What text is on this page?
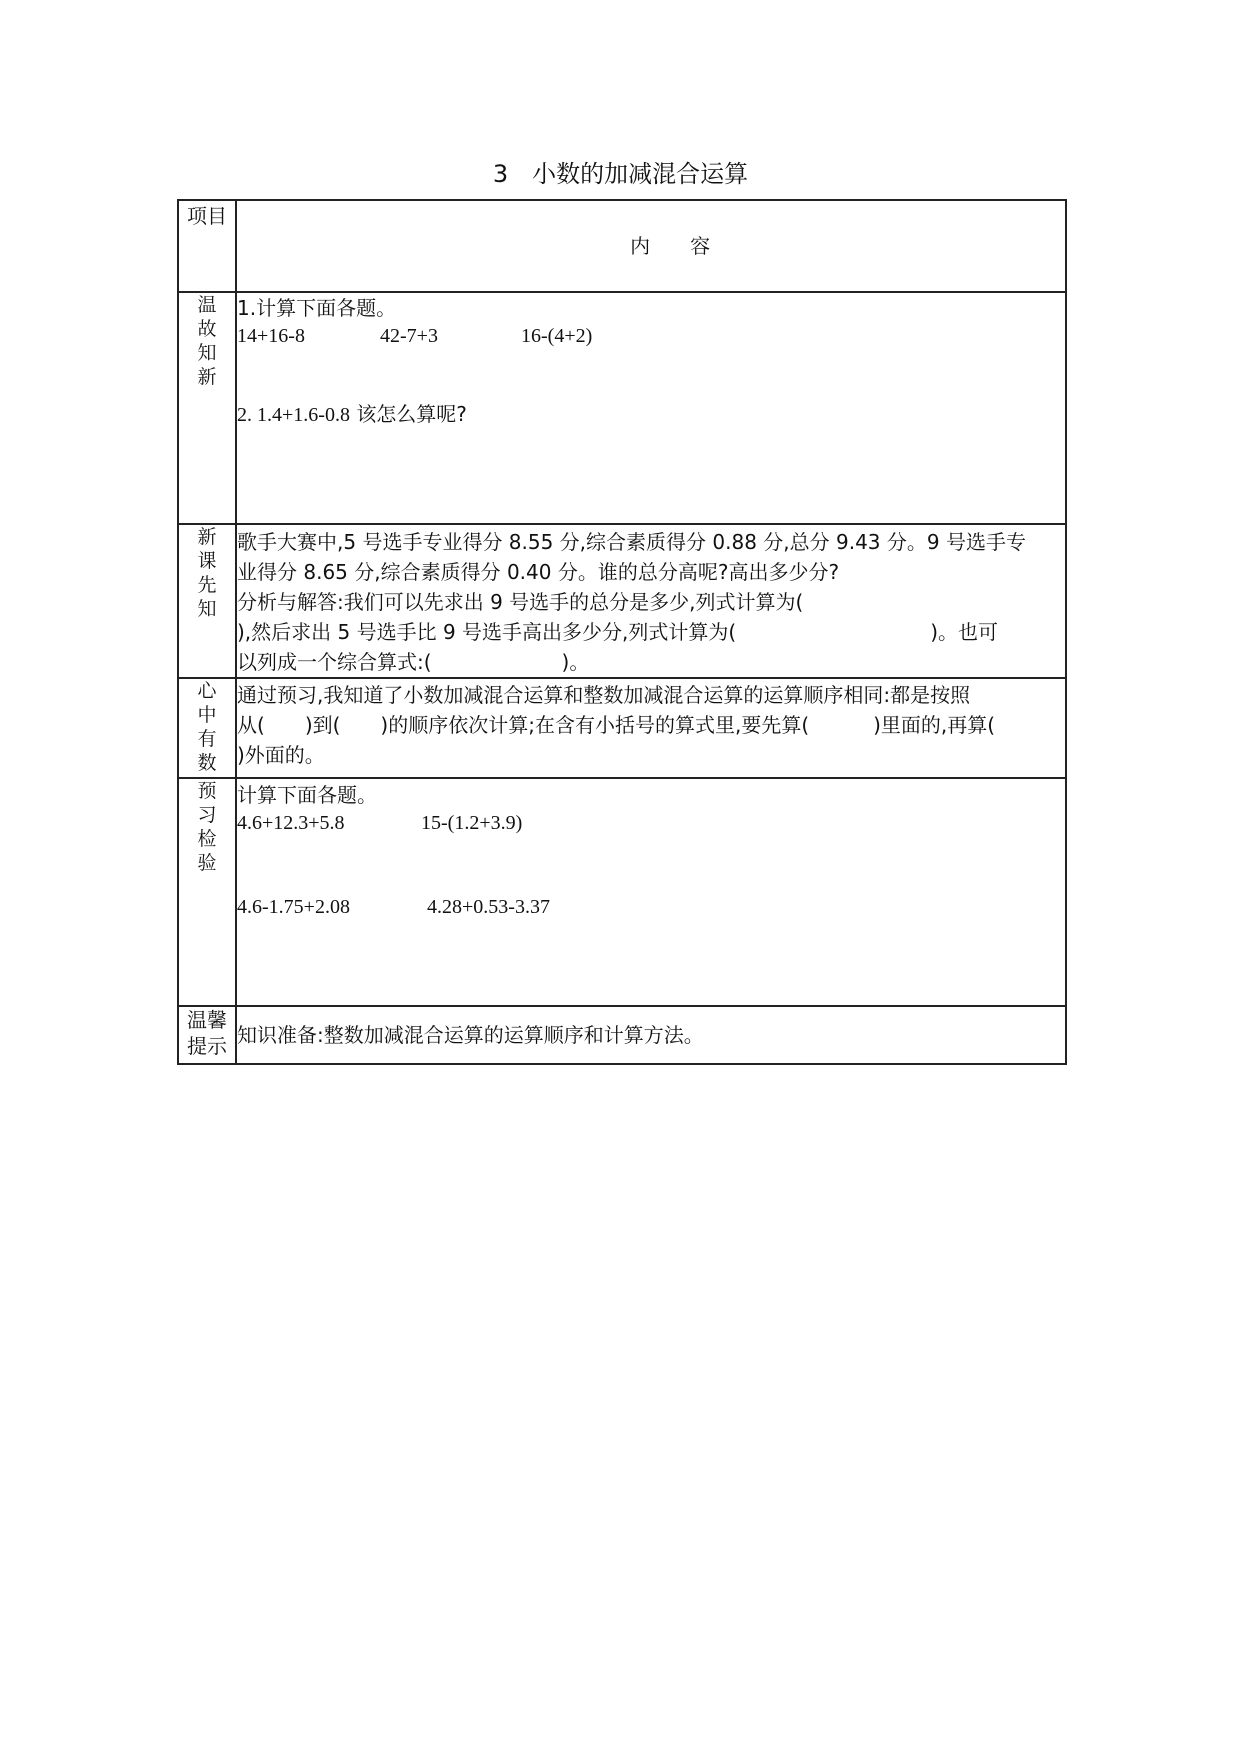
3　小数的加减混合运算
项目	内　　容

温故知新	1.计算下面各题。
14+16-8 42-7+3 16-(4+2)
2. 1.4+1.6-0.8 该怎么算呢?

新课先知	歌手大赛中,5 号选手专业得分 8.55 分,综合素质得分 0.88 分,总分 9.43 分。9 号选手专
业得分 8.65 分,综合素质得分 0.40 分。谁的总分高呢?高出多少分?
分析与解答:我们可以先求出 9 号选手的总分是多少,列式计算为(
),然后求出 5 号选手比 9 号选手高出多少分,列式计算为( )。也可
以列成一个综合算式:( )。

心中有数	通过预习,我知道了小数加减混合运算和整数加减混合运算的运算顺序相同:都是按照
从( )到( )的顺序依次计算;在含有小括号的算式里,要先算( )里面的,再算(
)外面的。

预习检验	计算下面各题。
4.6+12.3+5.8 15-(1.2+3.9)
4.6-1.75+2.08 4.28+0.53-3.37

温馨提示	知识准备:整数加减混合运算的运算顺序和计算方法。
